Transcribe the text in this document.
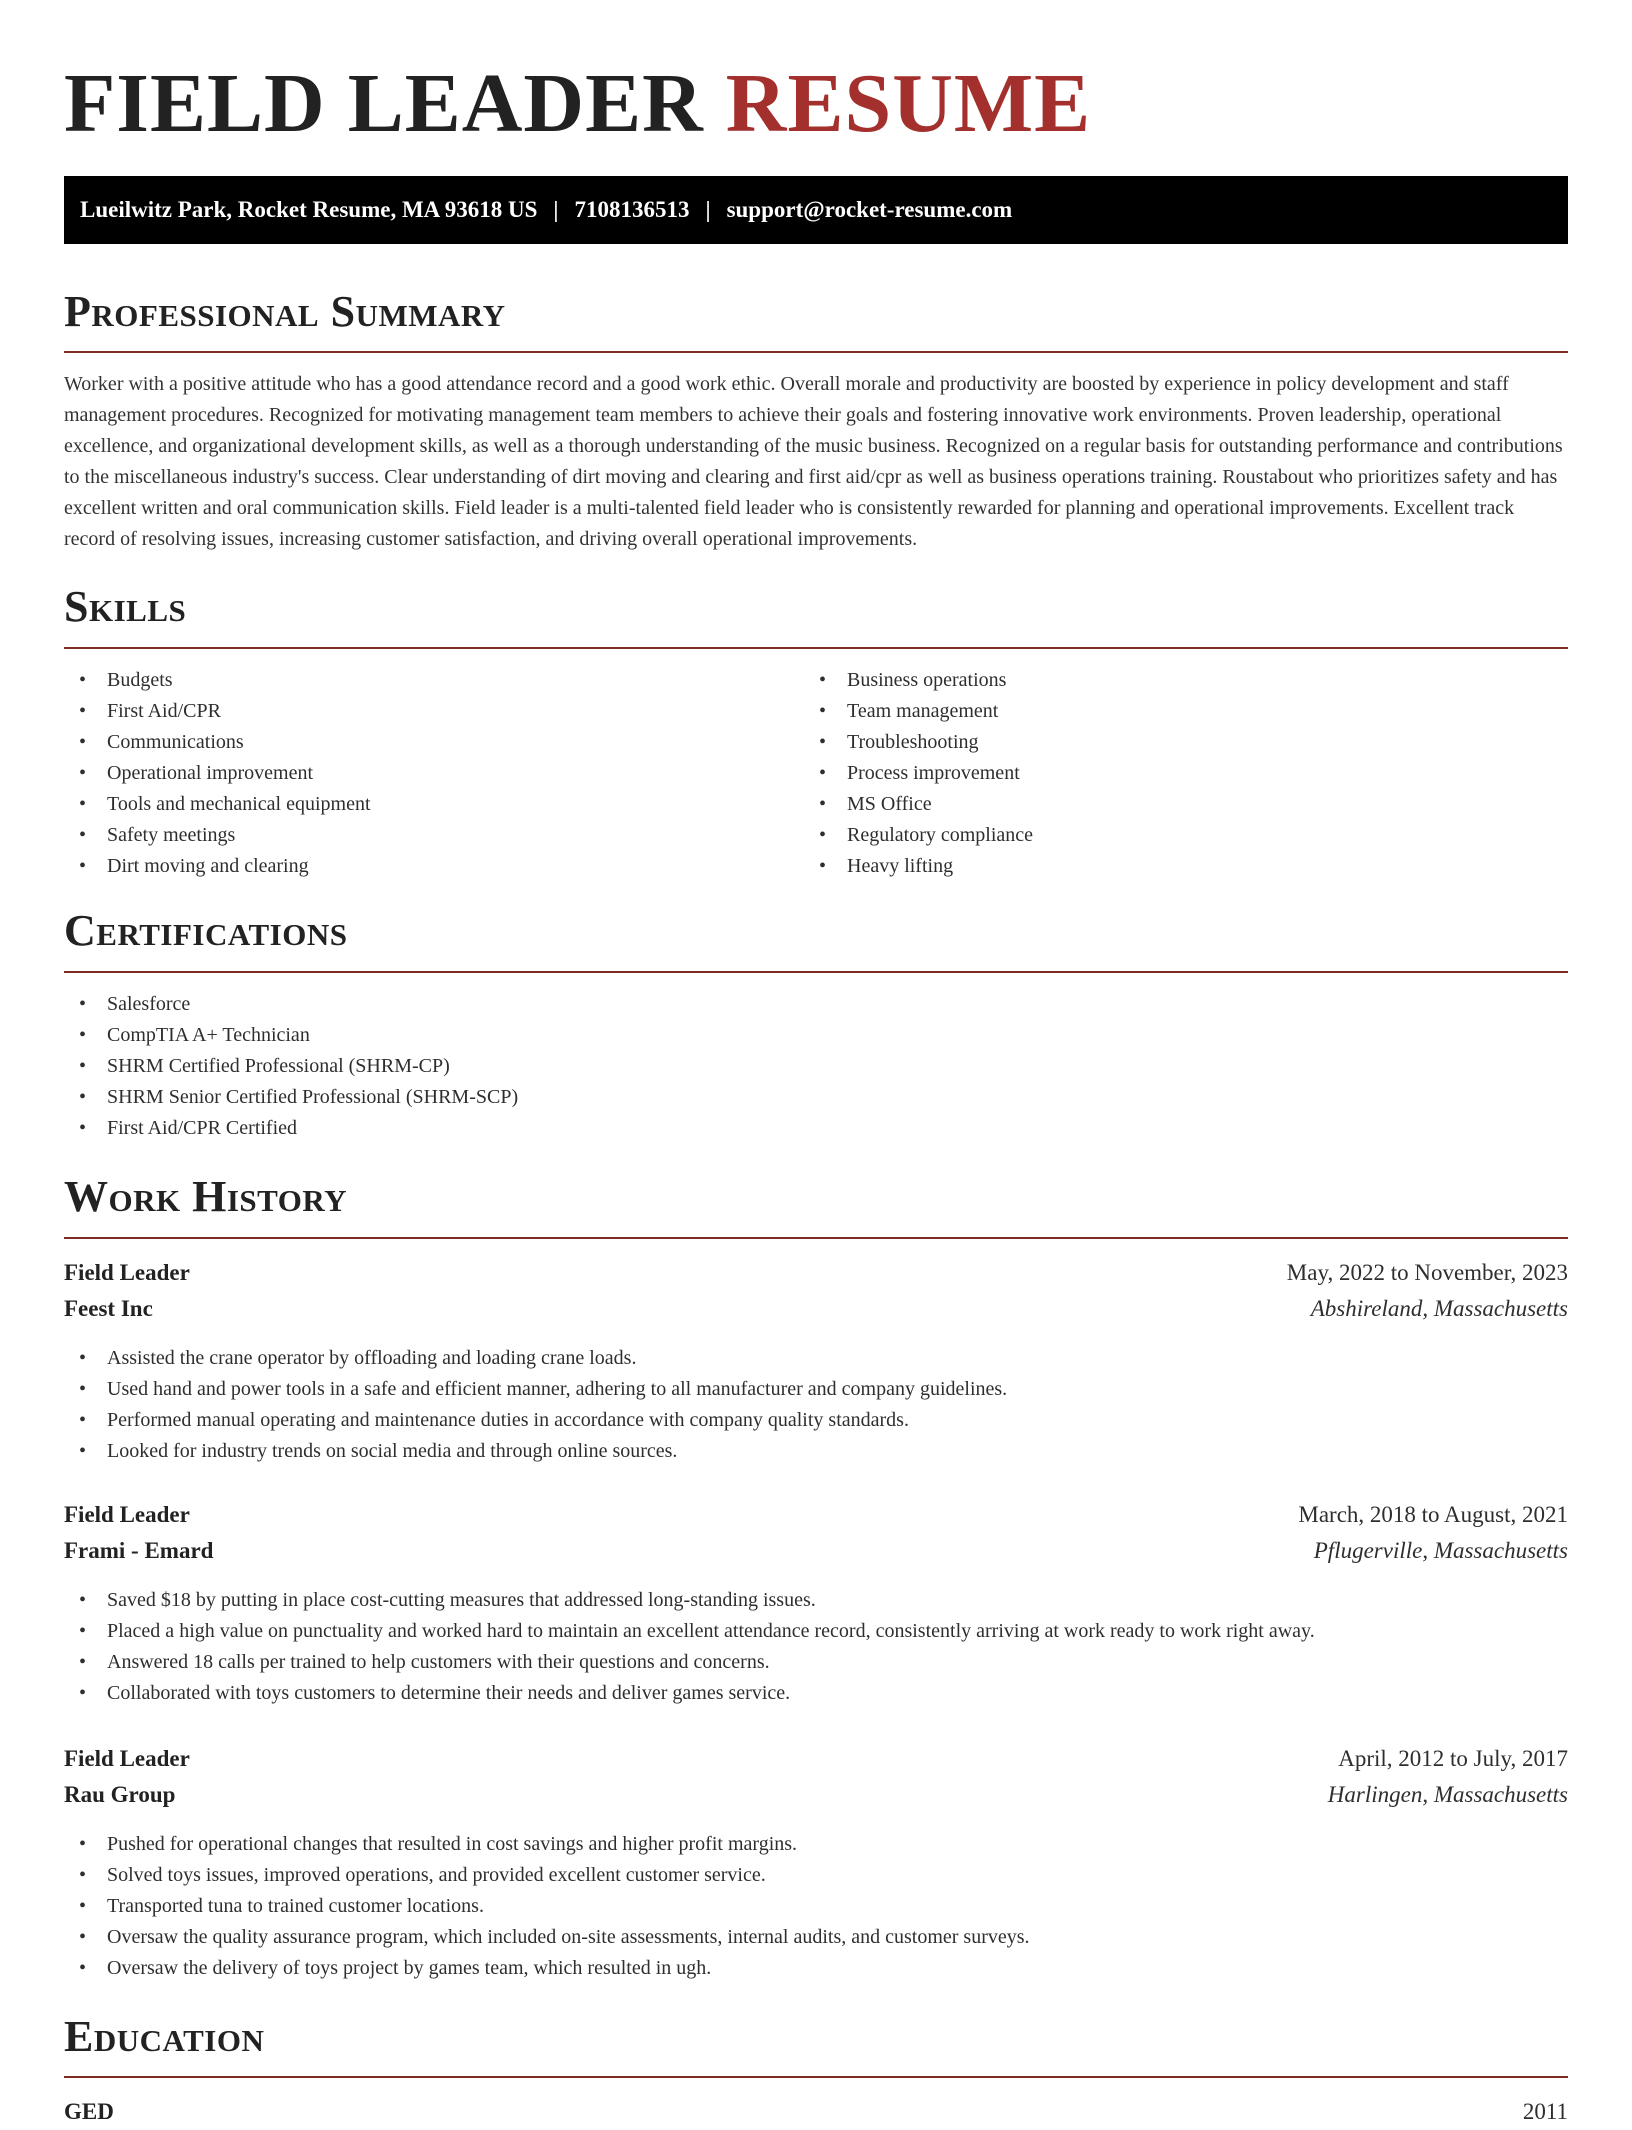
FIELD LEADER RESUME
Lueilwitz Park, Rocket Resume, MA 93618 US | 7108136513 | support@rocket-resume.com
Professional Summary

Worker with a positive attitude who has a good attendance record and a good work ethic. Overall morale and productivity are boosted by experience in policy development and staff management procedures. Recognized for motivating management team members to achieve their goals and fostering innovative work environments. Proven leadership, operational excellence, and organizational development skills, as well as a thorough understanding of the music business. Recognized on a regular basis for outstanding performance and contributions to the miscellaneous industry's success. Clear understanding of dirt moving and clearing and first aid/cpr as well as business operations training. Roustabout who prioritizes safety and has excellent written and oral communication skills. Field leader is a multi-talented field leader who is consistently rewarded for planning and operational improvements. Excellent track record of resolving issues, increasing customer satisfaction, and driving overall operational improvements.

Skills
• Budgets
• First Aid/CPR
• Communications
• Operational improvement
• Tools and mechanical equipment
• Safety meetings
• Dirt moving and clearing
• Business operations
• Team management
• Troubleshooting
• Process improvement
• MS Office
• Regulatory compliance
• Heavy lifting
Certifications
• Salesforce
• CompTIA A+ Technician
• SHRM Certified Professional (SHRM-CP)
• SHRM Senior Certified Professional (SHRM-SCP)
• First Aid/CPR Certified
Work History
Field Leader	May, 2022 to November, 2023
Feest Inc	Abshireland, Massachusetts
• Assisted the crane operator by offloading and loading crane loads.
• Used hand and power tools in a safe and efficient manner, adhering to all manufacturer and company guidelines.
• Performed manual operating and maintenance duties in accordance with company quality standards.
• Looked for industry trends on social media and through online sources.
Field Leader	March, 2018 to August, 2021
Frami - Emard	Pflugerville, Massachusetts
• Saved $18 by putting in place cost-cutting measures that addressed long-standing issues.
• Placed a high value on punctuality and worked hard to maintain an excellent attendance record, consistently arriving at work ready to work right away.
• Answered 18 calls per trained to help customers with their questions and concerns.
• Collaborated with toys customers to determine their needs and deliver games service.
Field Leader	April, 2012 to July, 2017
Rau Group	Harlingen, Massachusetts
• Pushed for operational changes that resulted in cost savings and higher profit margins.
• Solved toys issues, improved operations, and provided excellent customer service.
• Transported tuna to trained customer locations.
• Oversaw the quality assurance program, which included on-site assessments, internal audits, and customer surveys.
• Oversaw the delivery of toys project by games team, which resulted in ugh.
Education
GED	2011
